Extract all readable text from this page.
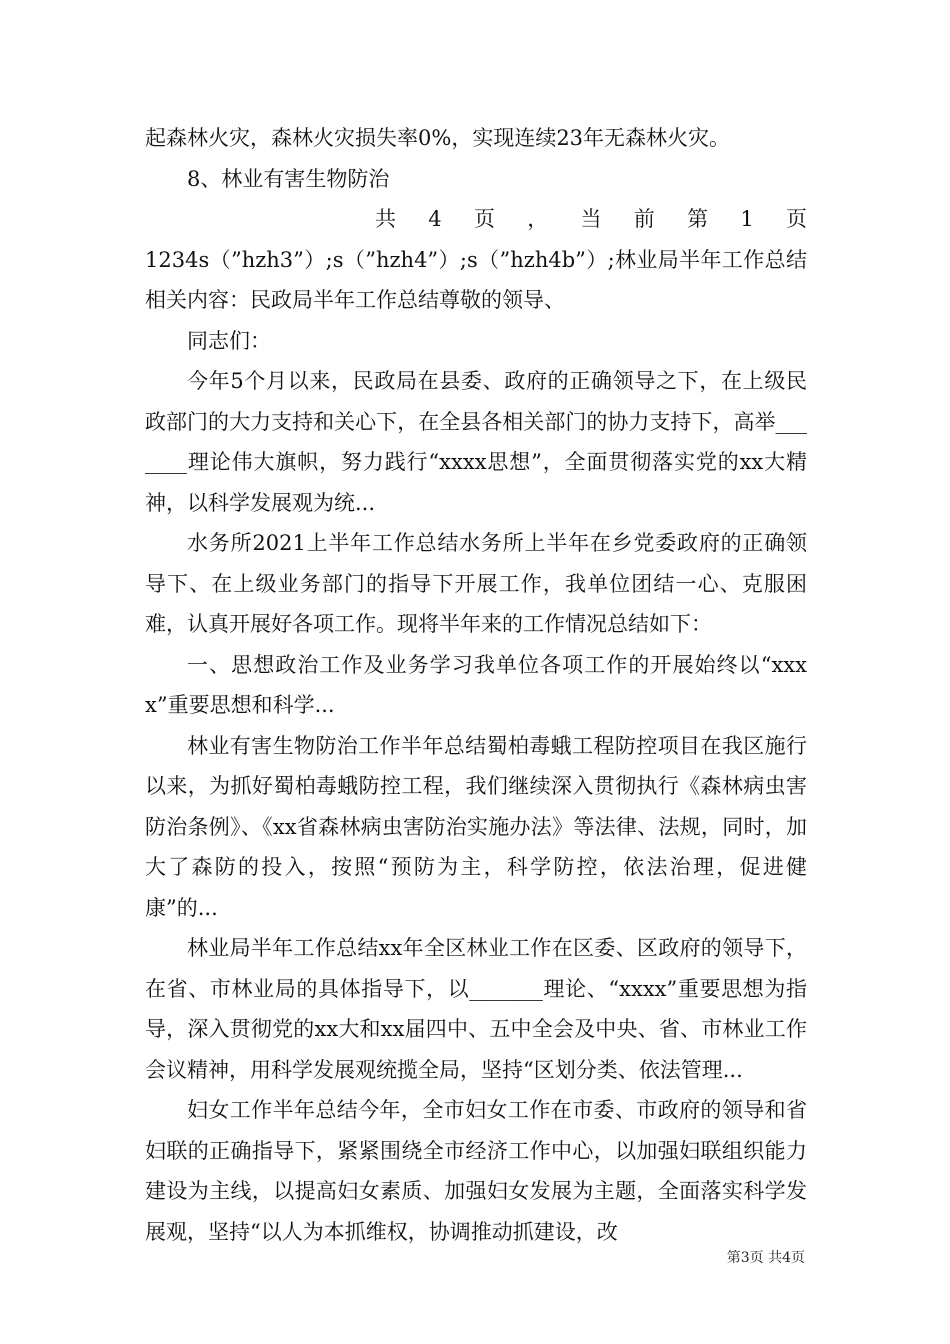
起森林火灾，森林火灾损失率0%，实现连续23年无森林火灾。

8、林业有害生物防治

共 4 页 ， 当 前 第 1 页

1234s（”hzh3”）;s（”hzh4”）;s（”hzh4b”）;林业局半年工作总结相关内容：民政局半年工作总结尊敬的领导、

同志们：

今年5个月以来，民政局在县委、政府的正确领导之下，在上级民政部门的大力支持和关心下，在全县各相关部门的协力支持下，高举_______理论伟大旗帜，努力践行“xxxx思想”，全面贯彻落实党的xx大精神，以科学发展观为统...

水务所2021上半年工作总结水务所上半年在乡党委政府的正确领导下、在上级业务部门的指导下开展工作，我单位团结一心、克服困难，认真开展好各项工作。现将半年来的工作情况总结如下：

一、思想政治工作及业务学习我单位各项工作的开展始终以“xxxx”重要思想和科学...

林业有害生物防治工作半年总结蜀柏毒蛾工程防控项目在我区施行以来，为抓好蜀柏毒蛾防控工程，我们继续深入贯彻执行《森林病虫害防治条例》、《xx省森林病虫害防治实施办法》等法律、法规，同时，加大了森防的投入，按照“预防为主，科学防控，依法治理，促进健康”的...

林业局半年工作总结xx年全区林业工作在区委、区政府的领导下，在省、市林业局的具体指导下，以_______理论、“xxxx”重要思想为指导，深入贯彻党的xx大和xx届四中、五中全会及中央、省、市林业工作会议精神，用科学发展观统揽全局，坚持“区划分类、依法管理...

妇女工作半年总结今年，全市妇女工作在市委、市政府的领导和省妇联的正确指导下，紧紧围绕全市经济工作中心，以加强妇联组织能力建设为主线，以提高妇女素质、加强妇女发展为主题，全面落实科学发展观，坚持“以人为本抓维权，协调推动抓建设，改

第3页 共4页
